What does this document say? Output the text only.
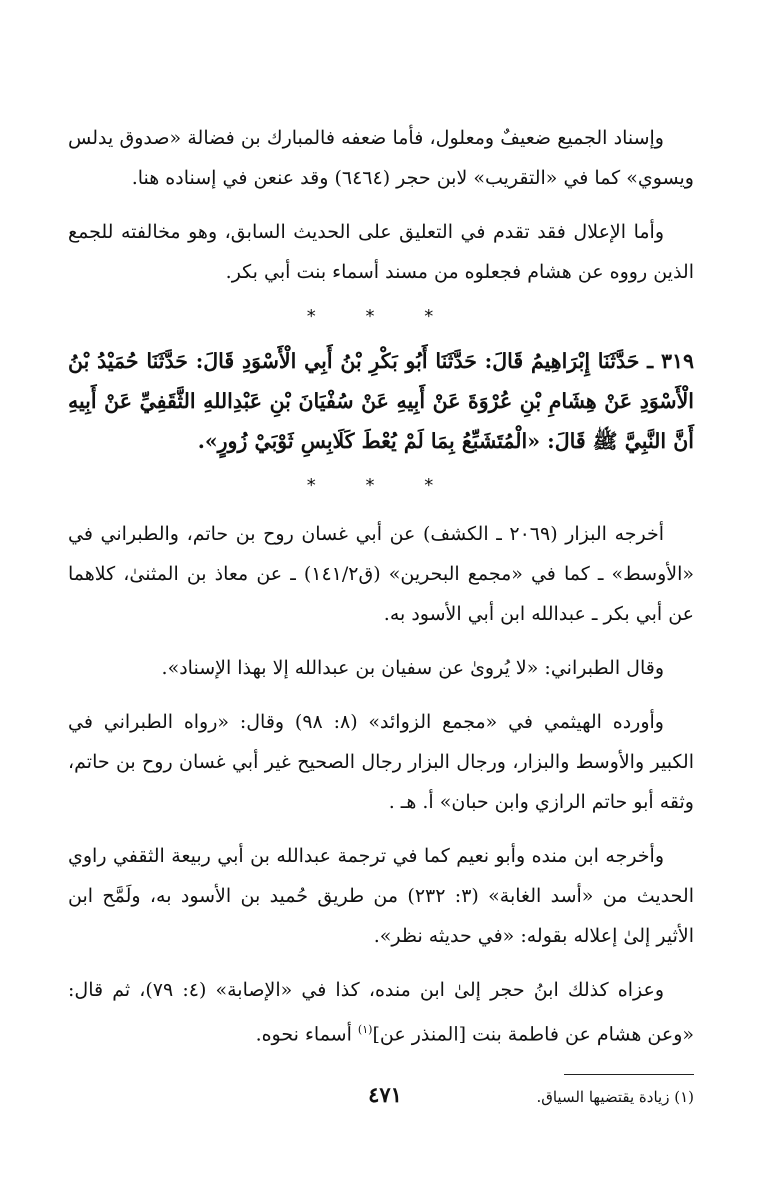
وإسناد الجميع ضعيفٌ ومعلول، فأما ضعفه فالمبارك بن فضالة «صدوق يدلس ويسوي» كما في «التقريب» لابن حجر (٦٤٦٤) وقد عنعن في إسناده هنا.

وأما الإعلال فقد تقدم في التعليق على الحديث السابق، وهو مخالفته للجمع الذين رووه عن هشام فجعلوه من مسند أسماء بنت أبي بكر.

* * *

٣١٩ ـ حَدَّثَنَا إِبْرَاهِيمُ قَالَ: حَدَّثَنَا أَبُو بَكْرِ بْنُ أَبِي الْأَسْوَدِ قَالَ: حَدَّثَنَا حُمَيْدُ بْنُ الْأَسْوَدِ عَنْ هِشَامِ بْنِ عُرْوَةَ عَنْ أَبِيهِ عَنْ سُفْيَانَ بْنِ عَبْدِاللهِ الثَّقَفِيِّ عَنْ أَبِيهِ أَنَّ النَّبِيَّ ﷺ قَالَ: «الْمُتَشَبِّعُ بِمَا لَمْ يُعْطَ كَلَابِسِ ثَوْبَيْ زُورٍ».

* * *

أخرجه البزار (٢٠٦٩ ـ الكشف) عن أبي غسان روح بن حاتم، والطبراني في «الأوسط» ـ كما في «مجمع البحرين» (ق١٤١/٢) ـ عن معاذ بن المثنىٰ، كلاهما عن أبي بكر ـ عبدالله ابن أبي الأسود به.

وقال الطبراني: «لا يُروىٰ عن سفيان بن عبدالله إلا بهذا الإسناد».

وأورده الهيثمي في «مجمع الزوائد» (٨: ٩٨) وقال: «رواه الطبراني في الكبير والأوسط والبزار، ورجال البزار رجال الصحيح غير أبي غسان روح بن حاتم، وثقه أبو حاتم الرازي وابن حبان» أ. هـ .

وأخرجه ابن منده وأبو نعيم كما في ترجمة عبدالله بن أبي ربيعة الثقفي راوي الحديث من «أسد الغابة» (٣: ٢٣٢) من طريق حُميد بن الأسود به، ولَمَّح ابن الأثير إلىٰ إعلاله بقوله: «في حديثه نظر».

وعزاه كذلك ابنُ حجر إلىٰ ابن منده، كذا في «الإصابة» (٤: ٧٩)، ثم قال: «وعن هشام عن فاطمة بنت [المنذر عن]$^{(١)}$ أسماء نحوه.

(١) زيادة يقتضيها السياق.

٤٧١
